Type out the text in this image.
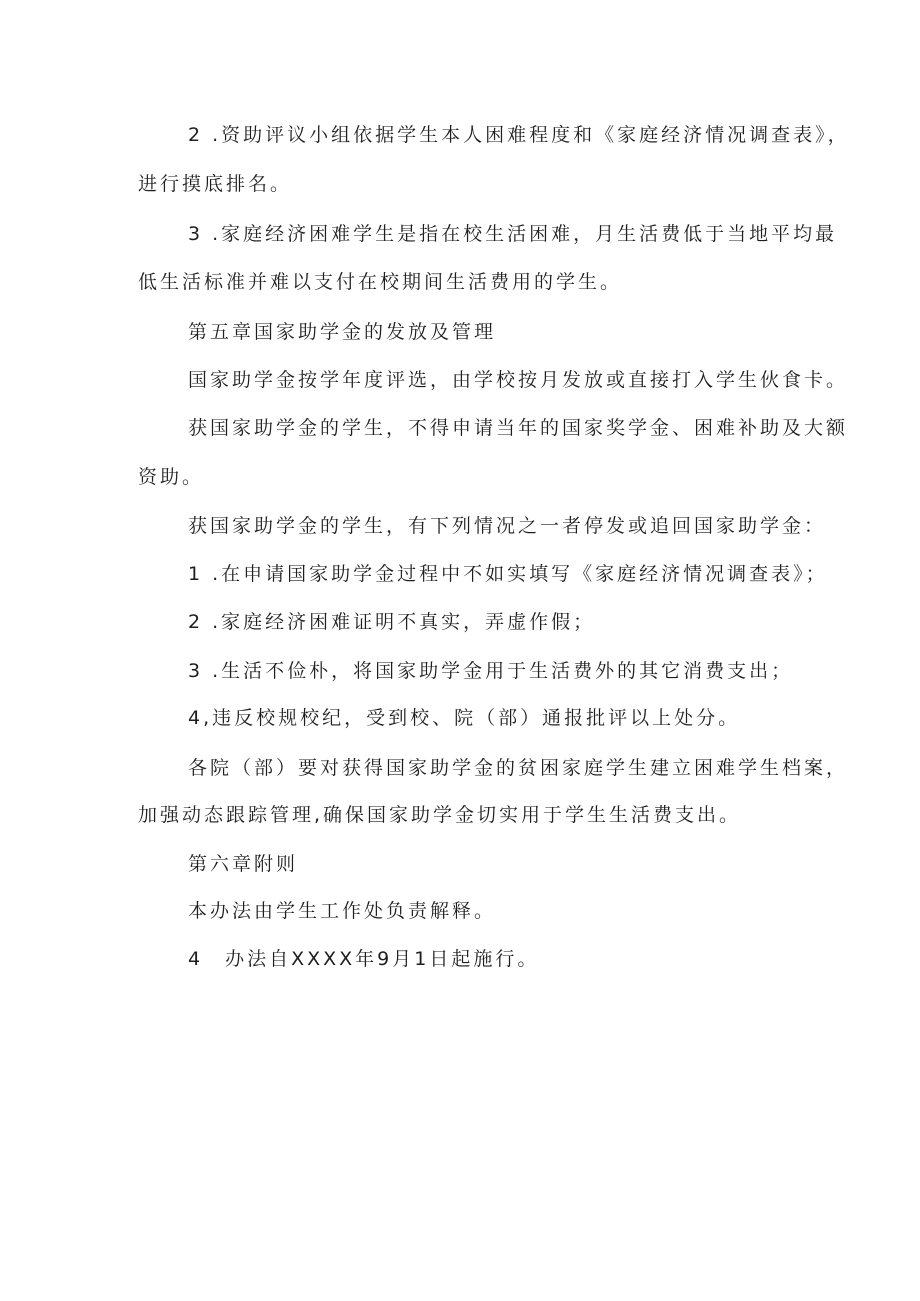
2 .资助评议小组依据学生本人困难程度和《家庭经济情况调查表》，
进行摸底排名。
3 .家庭经济困难学生是指在校生活困难，月生活费低于当地平均最
低生活标准并难以支付在校期间生活费用的学生。
第五章国家助学金的发放及管理
国家助学金按学年度评选，由学校按月发放或直接打入学生伙食卡。
获国家助学金的学生，不得申请当年的国家奖学金、困难补助及大额
资助。
获国家助学金的学生，有下列情况之一者停发或追回国家助学金：
1 .在申请国家助学金过程中不如实填写《家庭经济情况调查表》；
2 .家庭经济困难证明不真实，弄虚作假；
3 .生活不俭朴，将国家助学金用于生活费外的其它消费支出；
4,违反校规校纪，受到校、院（部）通报批评以上处分。
各院（部）要对获得国家助学金的贫困家庭学生建立困难学生档案，
加强动态跟踪管理,确保国家助学金切实用于学生生活费支出。
第六章附则
本办法由学生工作处负责解释。
4　办法自XXXX年9月1日起施行。
